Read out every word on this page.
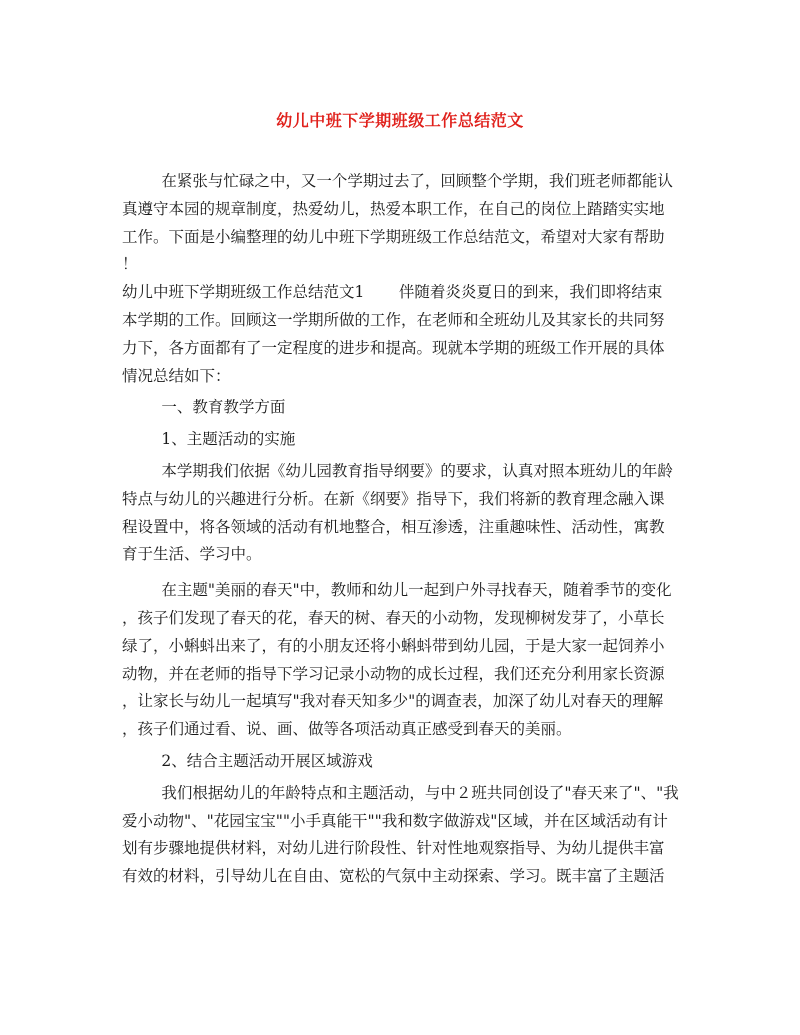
幼儿中班下学期班级工作总结范文
在紧张与忙碌之中，又一个学期过去了，回顾整个学期，我们班老师都能认
真遵守本园的规章制度，热爱幼儿，热爱本职工作，在自己的岗位上踏踏实实地
工作。下面是小编整理的幼儿中班下学期班级工作总结范文，希望对大家有帮助
！
幼儿中班下学期班级工作总结范文1       伴随着炎炎夏日的到来，我们即将结束
本学期的工作。回顾这一学期所做的工作，在老师和全班幼儿及其家长的共同努
力下，各方面都有了一定程度的进步和提高。现就本学期的班级工作开展的具体
情况总结如下：
一、教育教学方面
1、主题活动的实施
本学期我们依据《幼儿园教育指导纲要》的要求，认真对照本班幼儿的年龄
特点与幼儿的兴趣进行分析。在新《纲要》指导下，我们将新的教育理念融入课
程设置中，将各领域的活动有机地整合，相互渗透，注重趣味性、活动性，寓教
育于生活、学习中。
在主题"美丽的春天"中，教师和幼儿一起到户外寻找春天，随着季节的变化
，孩子们发现了春天的花，春天的树、春天的小动物，发现柳树发芽了，小草长
绿了，小蝌蚪出来了，有的小朋友还将小蝌蚪带到幼儿园，于是大家一起饲养小
动物，并在老师的指导下学习记录小动物的成长过程，我们还充分利用家长资源
，让家长与幼儿一起填写"我对春天知多少"的调查表，加深了幼儿对春天的理解
，孩子们通过看、说、画、做等各项活动真正感受到春天的美丽。
2、结合主题活动开展区域游戏
我们根据幼儿的年龄特点和主题活动，与中２班共同创设了"春天来了"、"我
爱小动物"、"花园宝宝""小手真能干""我和数字做游戏"区域，并在区域活动有计
划有步骤地提供材料，对幼儿进行阶段性、针对性地观察指导、为幼儿提供丰富
有效的材料，引导幼儿在自由、宽松的气氛中主动探索、学习。既丰富了主题活
